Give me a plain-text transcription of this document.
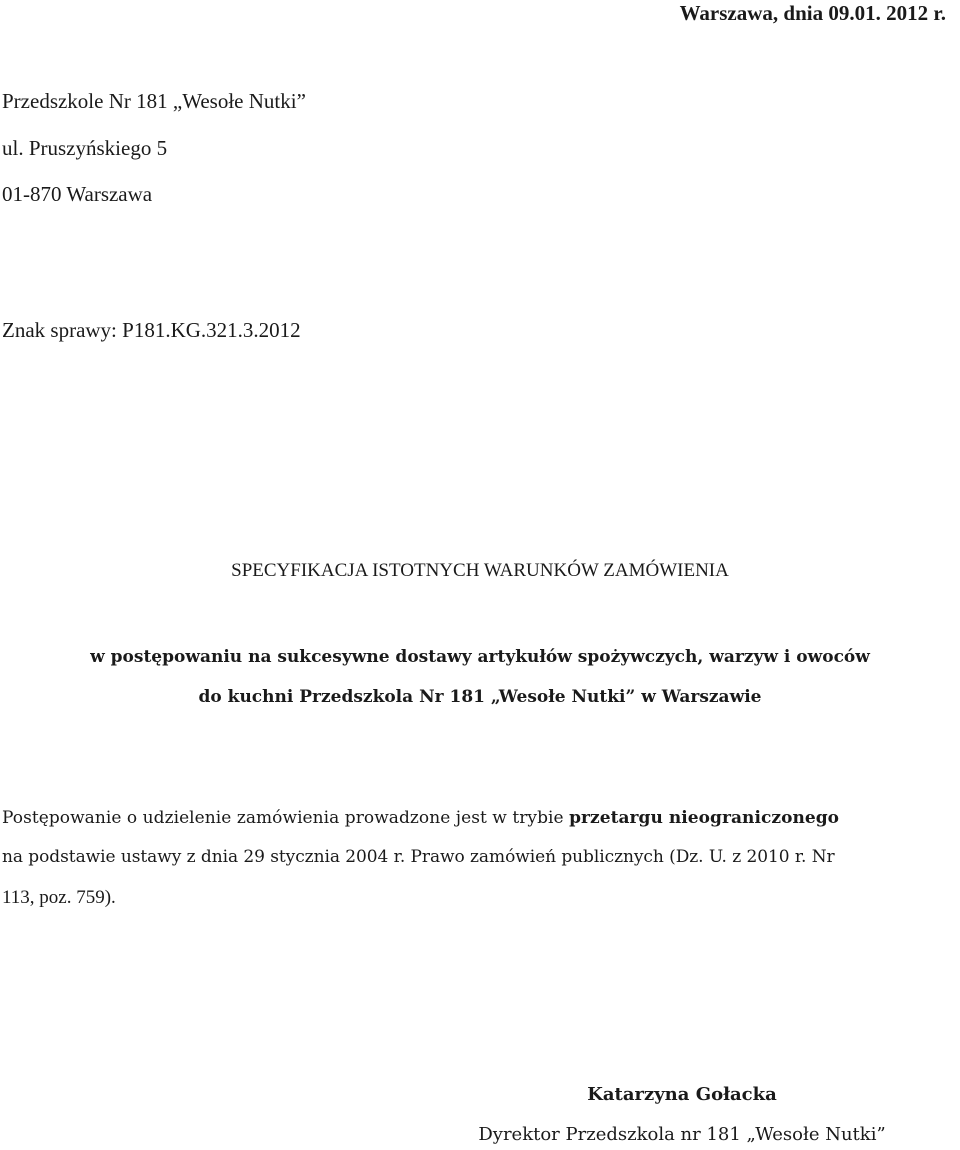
Warszawa, dnia 09.01. 2012 r.
Przedszkole Nr 181 „Wesołe Nutki”
ul. Pruszyńskiego 5
01-870 Warszawa
Znak sprawy: P181.KG.321.3.2012
SPECYFIKACJA ISTOTNYCH WARUNKÓW ZAMÓWIENIA
w postępowaniu na sukcesywne dostawy artykułów spożywczych, warzyw i owoców
do kuchni Przedszkola Nr 181 „Wesołe Nutki” w Warszawie
Postępowanie o udzielenie zamówienia prowadzone jest w trybie przetargu nieograniczonego
na podstawie ustawy z dnia 29 stycznia 2004 r. Prawo zamówień publicznych (Dz. U. z 2010 r. Nr
113, poz. 759).
Katarzyna Gołacka
Dyrektor Przedszkola nr 181 „Wesołe Nutki”
